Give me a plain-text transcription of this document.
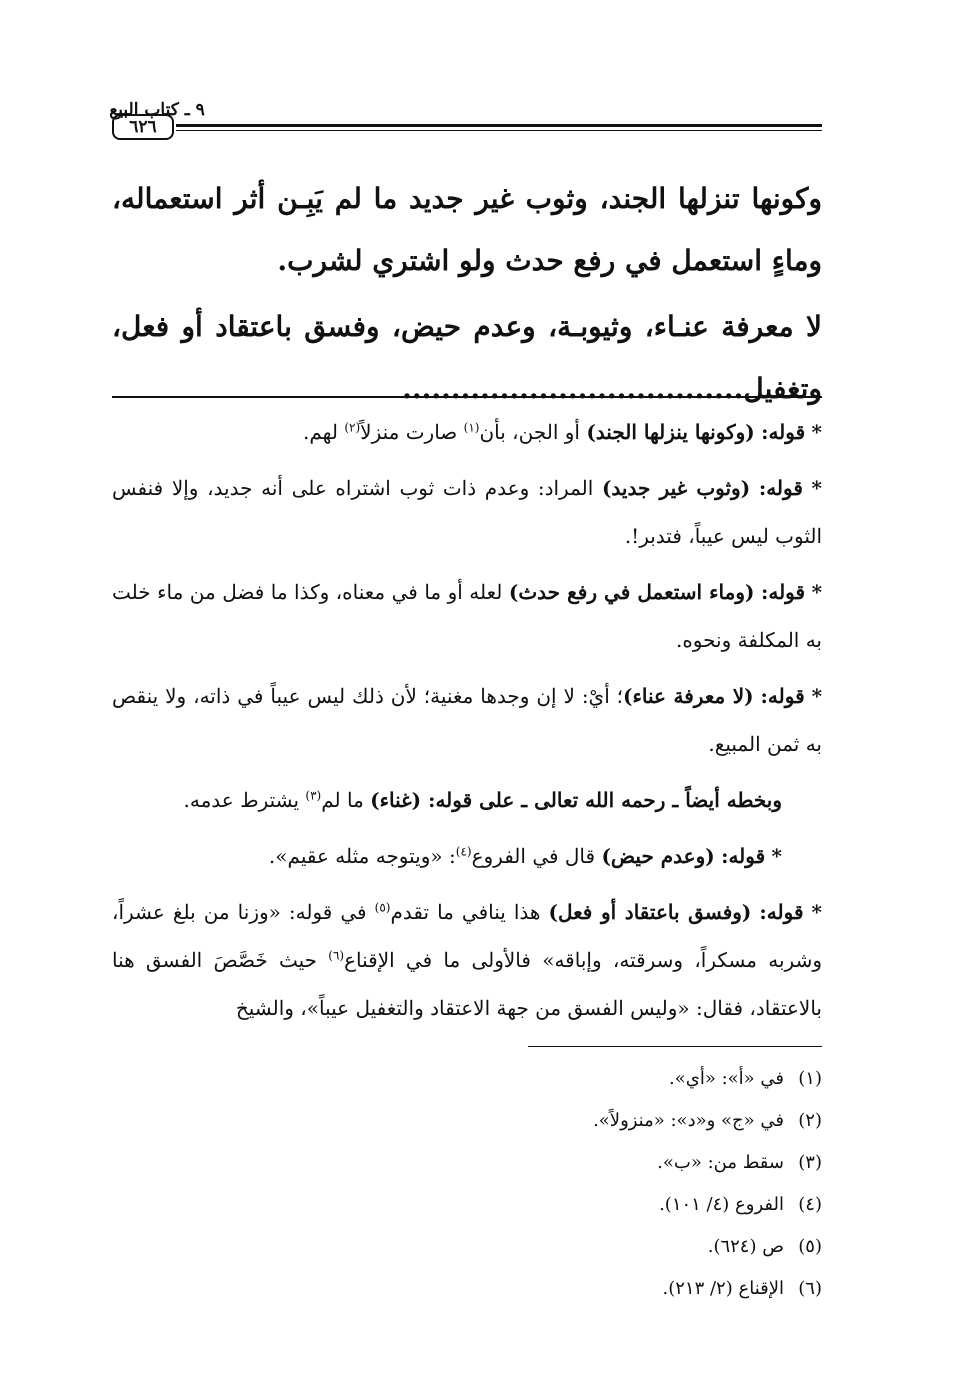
٩ ـ كتاب البيع
٦٢٦

وكونها تنزلها الجند، وثوب غير جديد ما لم يَبِـن أثر استعماله، وماءٍ استعمل في رفع حدث ولو اشتري لشرب.

لا معرفة عنـاء، وثيوبـة، وعدم حيض، وفسق باعتقاد أو فعل، وتغفيل...................................

* قوله: (وكونها ينزلها الجند) أو الجن، بأن$^{(١)}$ صارت منزلاً$^{(٢)}$ لهم.

* قوله: (وثوب غير جديد) المراد: وعدم ذات ثوب اشتراه على أنه جديد، وإلا فنفس الثوب ليس عيباً، فتدبر!.

* قوله: (وماء استعمل في رفع حدث) لعله أو ما في معناه، وكذا ما فضل من ماء خلت به المكلفة ونحوه.

* قوله: (لا معرفة عناء)؛ أيْ: لا إن وجدها مغنية؛ لأن ذلك ليس عيباً في ذاته، ولا ينقص به ثمن المبيع.

وبخطه أيضاً ـ رحمه الله تعالى ـ على قوله: (غناء) ما لم$^{(٣)}$ يشترط عدمه.

* قوله: (وعدم حيض) قال في الفروع$^{(٤)}$: «ويتوجه مثله عقيم».

* قوله: (وفسق باعتقاد أو فعل) هذا ينافي ما تقدم$^{(٥)}$ في قوله: «وزنا من بلغ عشراً، وشربه مسكراً، وسرقته، وإباقه» فالأولى ما في الإقناع$^{(٦)}$ حيث خَصَّصَ الفسق هنا بالاعتقاد، فقال: «وليس الفسق من جهة الاعتقاد والتغفيل عيباً»، والشيخ

(١)في «أ»: «أي».
(٢)في «ج» و«د»: «منزولاً».
(٣)سقط من: «ب».
(٤)الفروع (٤/ ١٠١).
(٥)ص (٦٢٤).
(٦)الإقناع (٢/ ٢١٣).
